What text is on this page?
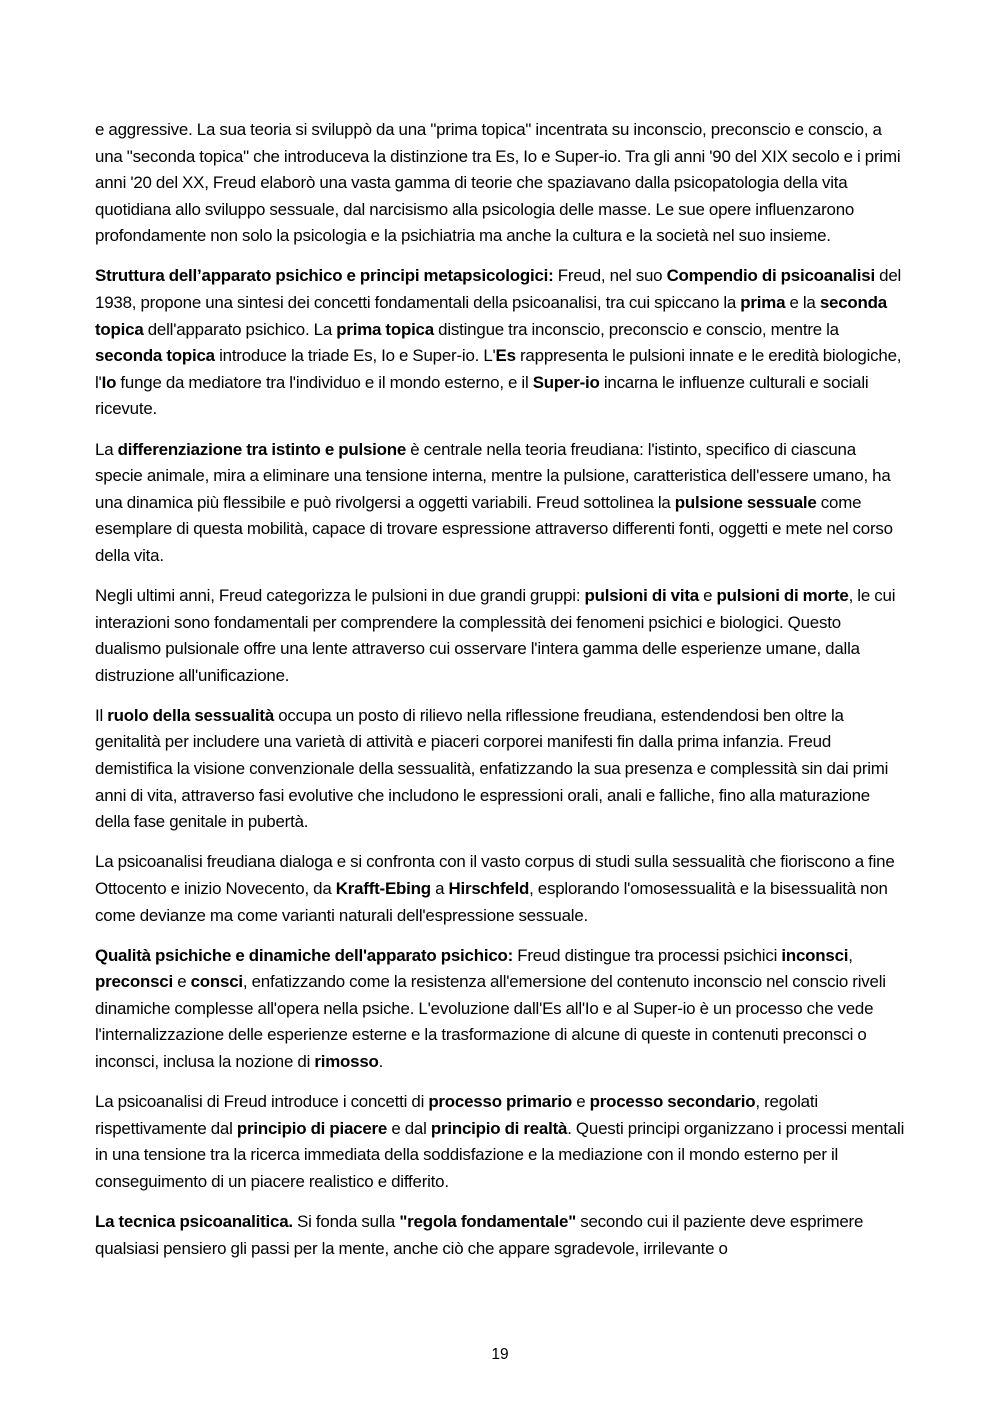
e aggressive. La sua teoria si sviluppò da una "prima topica" incentrata su inconscio, preconscio e conscio, a una "seconda topica" che introduceva la distinzione tra Es, Io e Super-io. Tra gli anni '90 del XIX secolo e i primi anni '20 del XX, Freud elaborò una vasta gamma di teorie che spaziavano dalla psicopatologia della vita quotidiana allo sviluppo sessuale, dal narcisismo alla psicologia delle masse. Le sue opere influenzarono profondamente non solo la psicologia e la psichiatria ma anche la cultura e la società nel suo insieme.

Struttura dell’apparato psichico e principi metapsicologici: Freud, nel suo Compendio di psicoanalisi del 1938, propone una sintesi dei concetti fondamentali della psicoanalisi, tra cui spiccano la prima e la seconda topica dell'apparato psichico. La prima topica distingue tra inconscio, preconscio e conscio, mentre la seconda topica introduce la triade Es, Io e Super-io. L'Es rappresenta le pulsioni innate e le eredità biologiche, l'Io funge da mediatore tra l'individuo e il mondo esterno, e il Super-io incarna le influenze culturali e sociali ricevute.

La differenziazione tra istinto e pulsione è centrale nella teoria freudiana: l'istinto, specifico di ciascuna specie animale, mira a eliminare una tensione interna, mentre la pulsione, caratteristica dell'essere umano, ha una dinamica più flessibile e può rivolgersi a oggetti variabili. Freud sottolinea la pulsione sessuale come esemplare di questa mobilità, capace di trovare espressione attraverso differenti fonti, oggetti e mete nel corso della vita.

Negli ultimi anni, Freud categorizza le pulsioni in due grandi gruppi: pulsioni di vita e pulsioni di morte, le cui interazioni sono fondamentali per comprendere la complessità dei fenomeni psichici e biologici. Questo dualismo pulsionale offre una lente attraverso cui osservare l'intera gamma delle esperienze umane, dalla distruzione all'unificazione.

Il ruolo della sessualità occupa un posto di rilievo nella riflessione freudiana, estendendosi ben oltre la genitalità per includere una varietà di attività e piaceri corporei manifesti fin dalla prima infanzia. Freud demistifica la visione convenzionale della sessualità, enfatizzando la sua presenza e complessità sin dai primi anni di vita, attraverso fasi evolutive che includono le espressioni orali, anali e falliche, fino alla maturazione della fase genitale in pubertà.

La psicoanalisi freudiana dialoga e si confronta con il vasto corpus di studi sulla sessualità che fioriscono a fine Ottocento e inizio Novecento, da Krafft-Ebing a Hirschfeld, esplorando l'omosessualità e la bisessualità non come devianze ma come varianti naturali dell'espressione sessuale.

Qualità psichiche e dinamiche dell'apparato psichico: Freud distingue tra processi psichici inconsci, preconsci e consci, enfatizzando come la resistenza all'emersione del contenuto inconscio nel conscio riveli dinamiche complesse all'opera nella psiche. L'evoluzione dall'Es all'Io e al Super-io è un processo che vede l'internalizzazione delle esperienze esterne e la trasformazione di alcune di queste in contenuti preconsci o inconsci, inclusa la nozione di rimosso.

La psicoanalisi di Freud introduce i concetti di processo primario e processo secondario, regolati rispettivamente dal principio di piacere e dal principio di realtà. Questi principi organizzano i processi mentali in una tensione tra la ricerca immediata della soddisfazione e la mediazione con il mondo esterno per il conseguimento di un piacere realistico e differito.

La tecnica psicoanalitica. Si fonda sulla "regola fondamentale" secondo cui il paziente deve esprimere qualsiasi pensiero gli passi per la mente, anche ciò che appare sgradevole, irrilevante o

19
